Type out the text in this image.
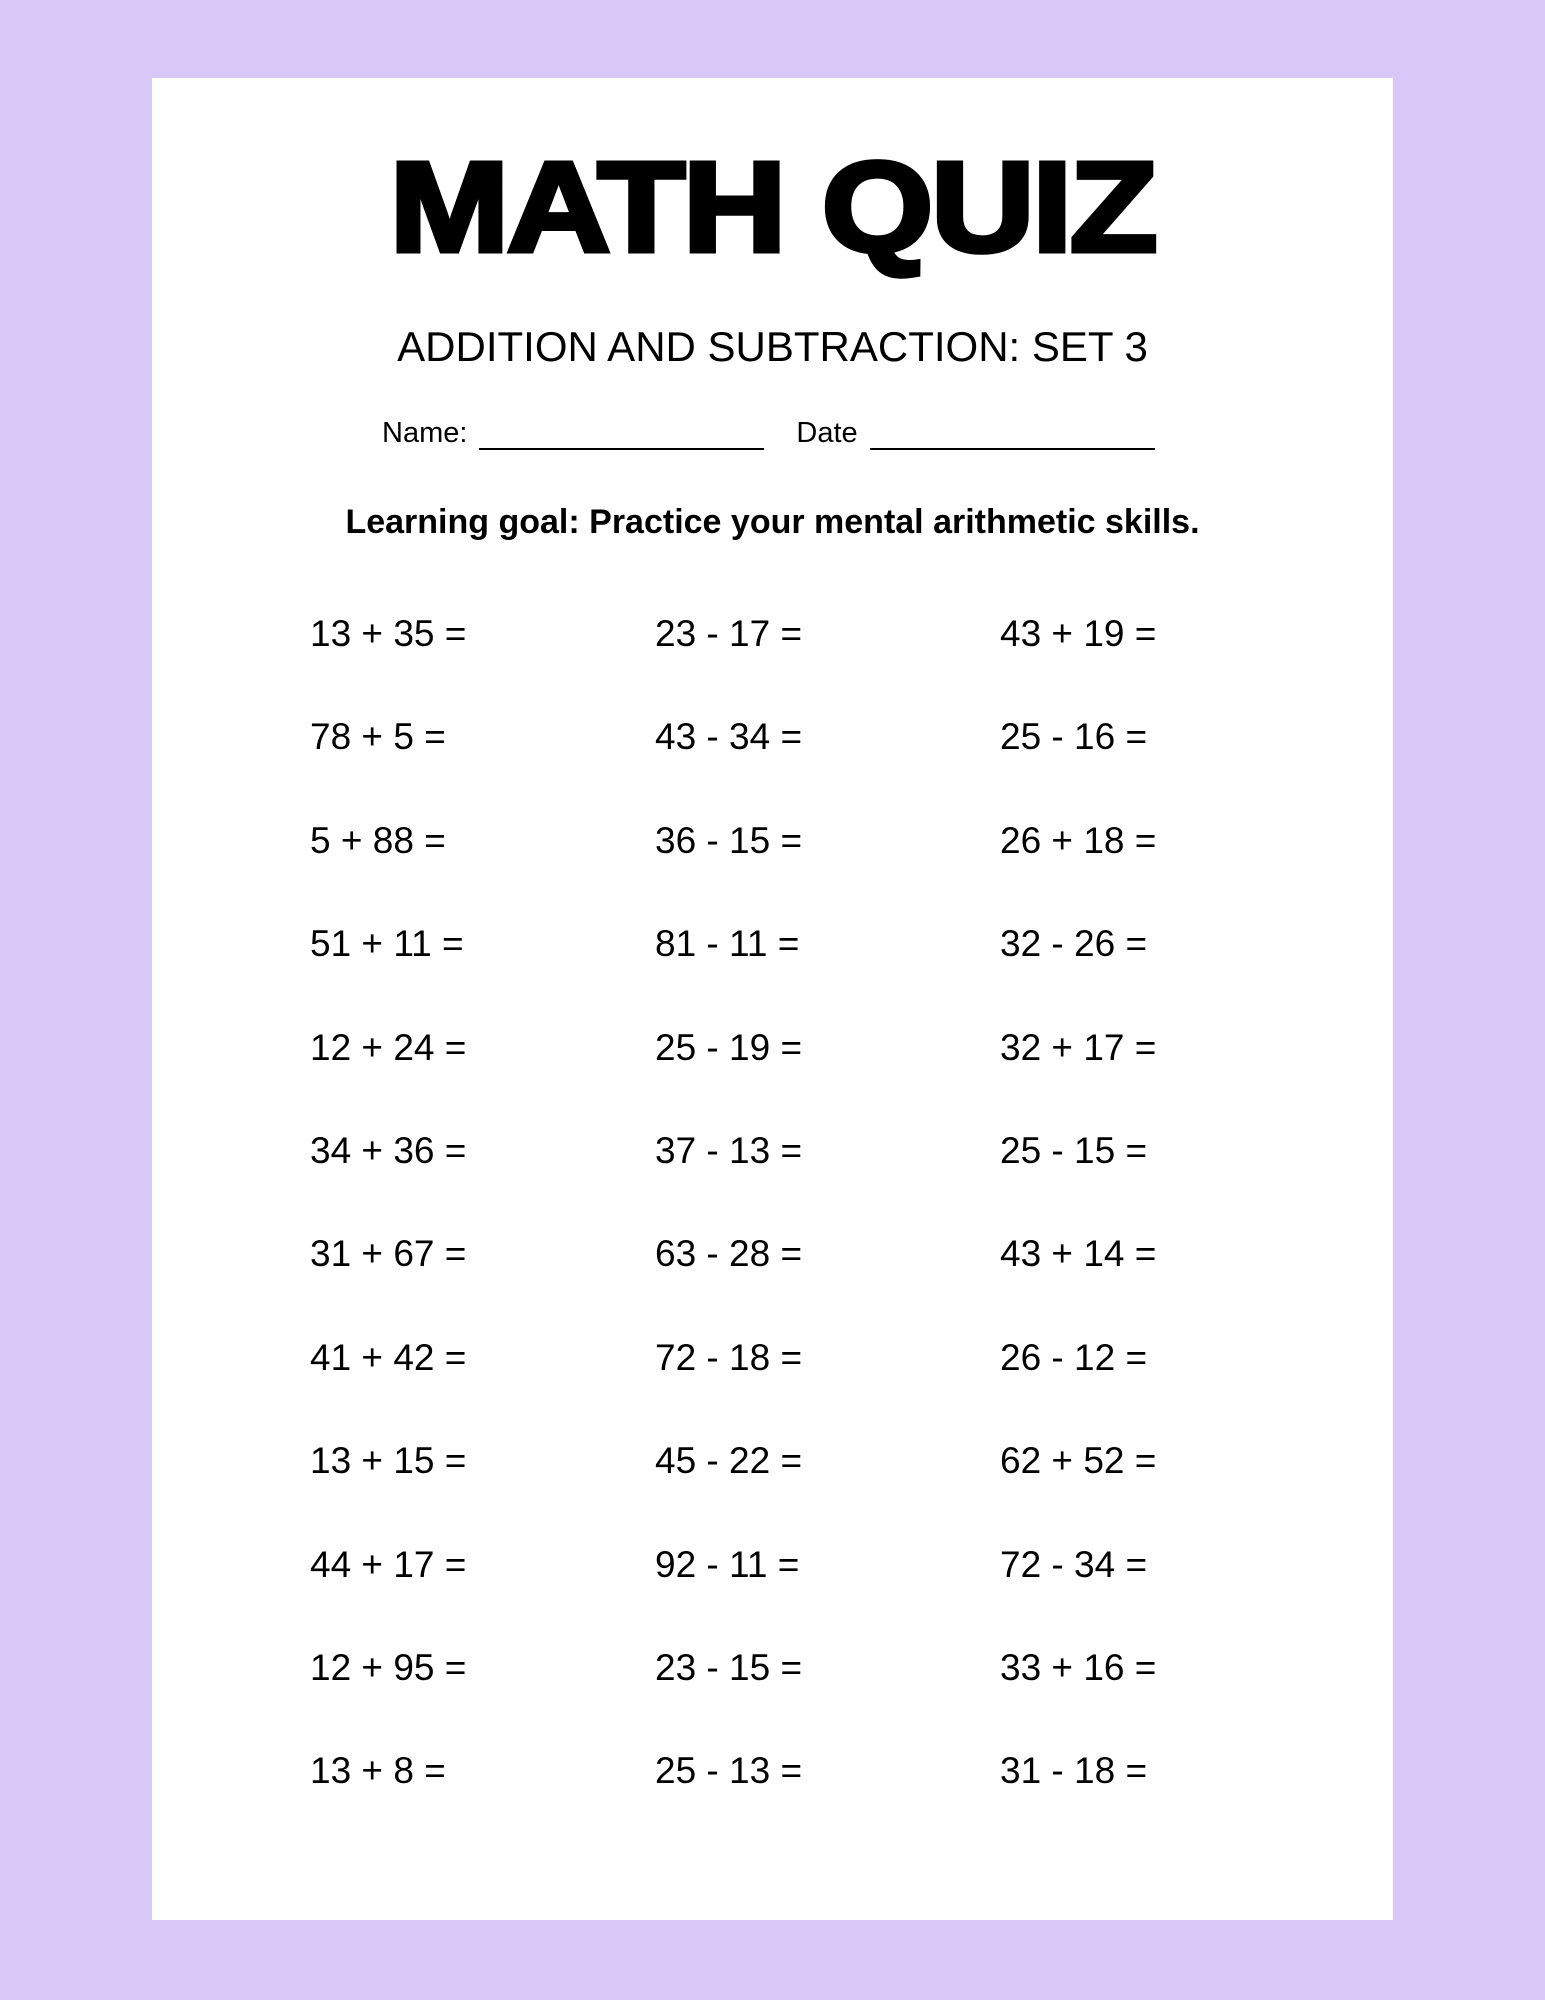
MATH QUIZ
ADDITION AND SUBTRACTION: SET 3
Name:	Date
Learning goal: Practice your mental arithmetic skills.
13 + 35 =	23 - 17 =	43 + 19 =
78 + 5 =	43 - 34 =	25 - 16 =
5 + 88 =	36 - 15 =	26 + 18 =
51 + 11 =	81 - 11 =	32 - 26 =
12 + 24 =	25 - 19 =	32 + 17 =
34 + 36 =	37 - 13 =	25 - 15 =
31 + 67 =	63 - 28 =	43 + 14 =
41 + 42 =	72 - 18 =	26 - 12 =
13 + 15 =	45 - 22 =	62 + 52 =
44 + 17 =	92 - 11 =	72 - 34 =
12 + 95 =	23 - 15 =	33 + 16 =
13 + 8 =	25 - 13 =	31 - 18 =
